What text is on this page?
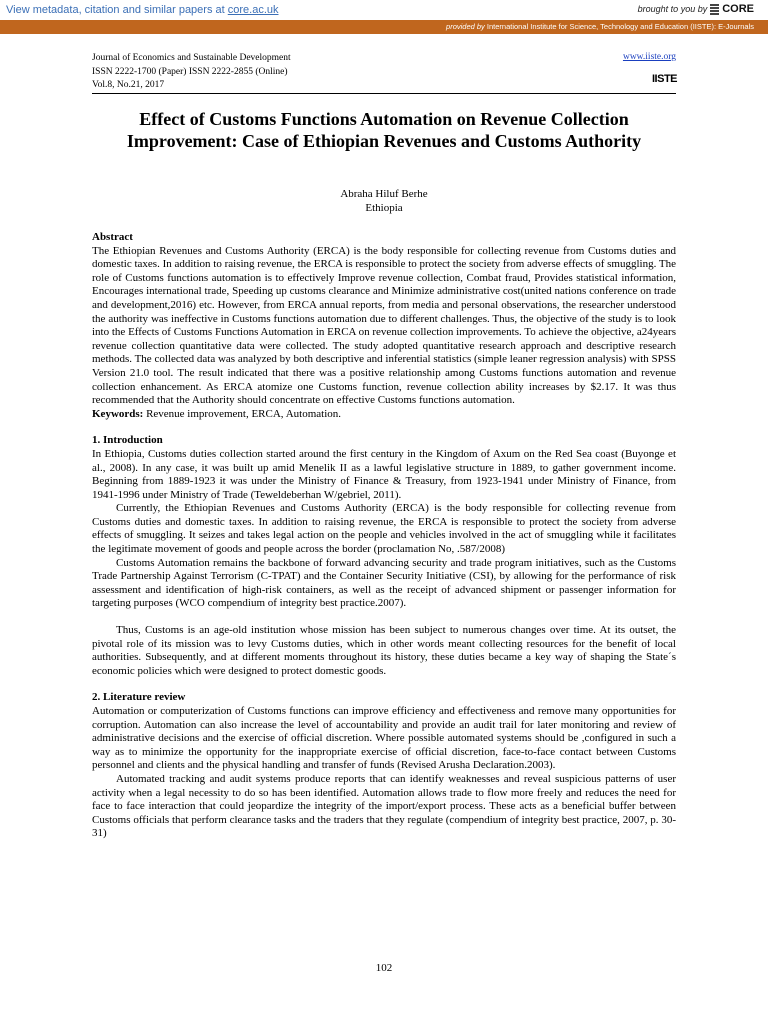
View metadata, citation and similar papers at core.ac.uk	brought to you by CORE
provided by International Institute for Science, Technology and Education (IISTE): E-Journals
Journal of Economics and Sustainable Development
ISSN 2222-1700 (Paper) ISSN 2222-2855 (Online)
Vol.8, No.21, 2017
www.iiste.org
IISTE
Effect of Customs Functions Automation on Revenue Collection Improvement: Case of Ethiopian Revenues and Customs Authority
Abraha Hiluf Berhe
Ethiopia

Abstract

The Ethiopian Revenues and Customs Authority (ERCA) is the body responsible for collecting revenue from Customs duties and domestic taxes. In addition to raising revenue, the ERCA is responsible to protect the society from adverse effects of smuggling. The role of Customs functions automation is to effectively Improve revenue collection, Combat fraud, Provides statistical information, Encourages international trade, Speeding up customs clearance and Minimize administrative cost(united nations conference on trade and development,2016) etc. However, from ERCA annual reports, from media and personal observations, the researcher understood the authority was ineffective in Customs functions automation due to different challenges. Thus, the objective of the study is to look into the Effects of Customs Functions Automation in ERCA on revenue collection improvements. To achieve the objective, a24years revenue collection quantitative data were collected. The study adopted quantitative research approach and descriptive research methods. The collected data was analyzed by both descriptive and inferential statistics (simple leaner regression analysis) with SPSS Version 21.0 tool. The result indicated that there was a positive relationship among Customs functions automation and revenue collection enhancement. As ERCA atomize one Customs function, revenue collection ability increases by $2.17. It was thus recommended that the Authority should concentrate on effective Customs functions automation.

Keywords: Revenue improvement, ERCA, Automation.

1. Introduction

In Ethiopia, Customs duties collection started around the first century in the Kingdom of Axum on the Red Sea coast (Buyonge et al., 2008). In any case, it was built up amid Menelik II as a lawful legislative structure in 1889, to gather government income. Beginning from 1889-1923 it was under the Ministry of Finance & Treasury, from 1923-1941 under Ministry of Finance, from 1941-1996 under Ministry of Trade (Teweldeberhan W/gebriel, 2011).

Currently, the Ethiopian Revenues and Customs Authority (ERCA) is the body responsible for collecting revenue from Customs duties and domestic taxes. In addition to raising revenue, the ERCA is responsible to protect the society from adverse effects of smuggling. It seizes and takes legal action on the people and vehicles involved in the act of smuggling while it facilitates the legitimate movement of goods and people across the border (proclamation No, .587/2008)

Customs Automation remains the backbone of forward advancing security and trade program initiatives, such as the Customs Trade Partnership Against Terrorism (C-TPAT) and the Container Security Initiative (CSI), by allowing for the performance of risk assessment and identification of high-risk containers, as well as the receipt of advanced shipment or passenger information for targeting purposes (WCO compendium of integrity best practice.2007).

Thus, Customs is an age-old institution whose mission has been subject to numerous changes over time. At its outset, the pivotal role of its mission was to levy Customs duties, which in other words meant collecting resources for the benefit of local authorities. Subsequently, and at different moments throughout its history, these duties became a key way of shaping the State´s economic policies which were designed to protect domestic goods.

2. Literature review

Automation or computerization of Customs functions can improve efficiency and effectiveness and remove many opportunities for corruption. Automation can also increase the level of accountability and provide an audit trail for later monitoring and review of administrative decisions and the exercise of official discretion. Where possible automated systems should be ,configured in such a way as to minimize the opportunity for the inappropriate exercise of official discretion, face-to-face contact between Customs personnel and clients and the physical handling and transfer of funds (Revised Arusha Declaration.2003).

Automated tracking and audit systems produce reports that can identify weaknesses and reveal suspicious patterns of user activity when a legal necessity to do so has been identified. Automation allows trade to flow more freely and reduces the need for face to face interaction that could jeopardize the integrity of the import/export process. These acts as a beneficial buffer between Customs officials that perform clearance tasks and the traders that they regulate (compendium of integrity best practice, 2007, p. 30-31)

102
